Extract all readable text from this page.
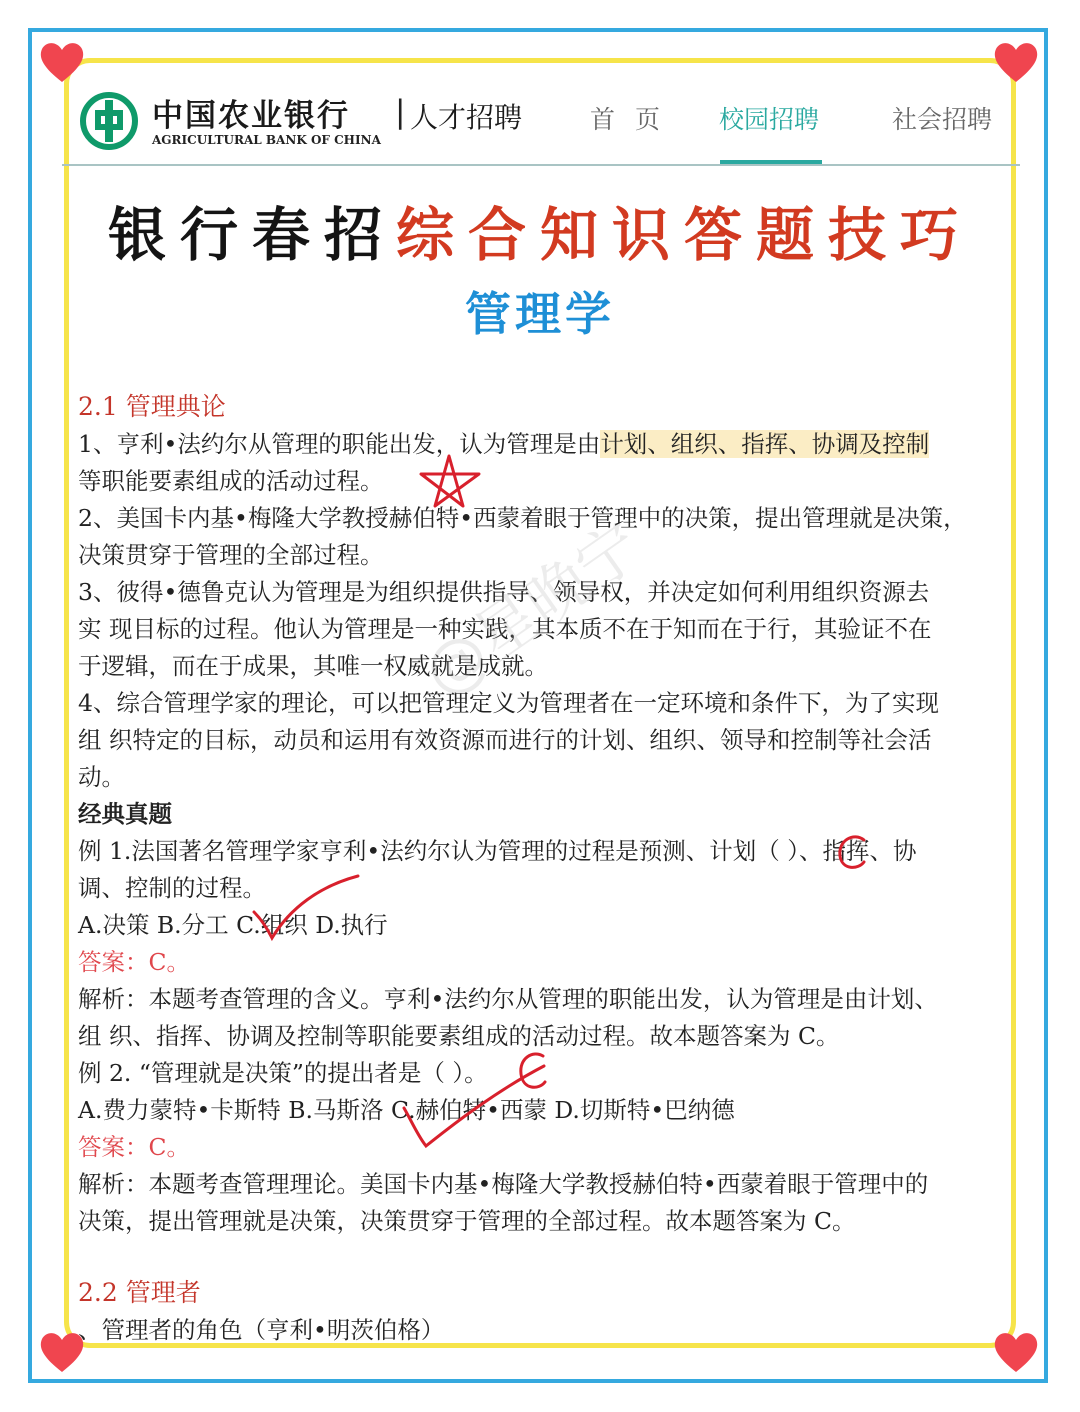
中国农业银行
AGRICULTURAL BANK OF CHINA
| 人才招聘	首 页 校园招聘	社会招聘
银行春招综合知识答题技巧
管理学
2.1 管理典论
1、亨利•法约尔从管理的职能出发，认为管理是由计划、组织、指挥、协调及控制
等职能要素组成的活动过程。
2、美国卡内基•梅隆大学教授赫伯特•西蒙着眼于管理中的决策，提出管理就是决策，
决策贯穿于管理的全部过程。
3、彼得•德鲁克认为管理是为组织提供指导、领导权，并决定如何利用组织资源去
实 现目标的过程。他认为管理是一种实践，其本质不在于知而在于行，其验证不在
于逻辑，而在于成果，其唯一权威就是成就。
4、综合管理学家的理论，可以把管理定义为管理者在一定环境和条件下，为了实现
组 织特定的目标，动员和运用有效资源而进行的计划、组织、领导和控制等社会活
动。
经典真题
例 1.法国著名管理学家亨利•法约尔认为管理的过程是预测、计划（ ）、指挥、协
调、控制的过程。
A.决策 B.分工 C.组织 D.执行
答案：C。
解析：本题考查管理的含义。亨利•法约尔从管理的职能出发，认为管理是由计划、
组 织、指挥、协调及控制等职能要素组成的活动过程。故本题答案为 C。
例 2. “管理就是决策”的提出者是（ ）。
A.费力蒙特•卡斯特 B.马斯洛 C.赫伯特•西蒙 D.切斯特•巴纳德
答案：C。
解析：本题考查管理理论。美国卡内基•梅隆大学教授赫伯特•西蒙着眼于管理中的
决策，提出管理就是决策，决策贯穿于管理的全部过程。故本题答案为 C。
2.2 管理者
、管理者的角色（亨利•明茨伯格）
@星晚宁
